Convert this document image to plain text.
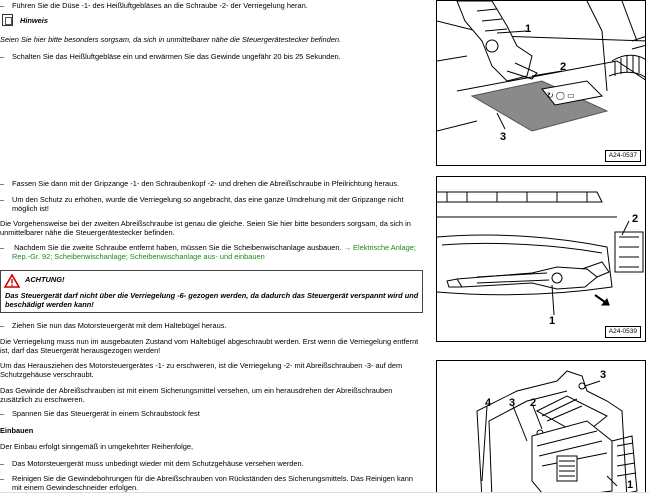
– Führen Sie die Düse -1- des Heißluftgebläses an die Schraube -2- der Verriegelung heran.
Hinweis
Seien Sie hier bitte besonders sorgsam, da sich in unmittelbarer nähe die Steuergerätestecker befinden.
– Schalten Sie das Heißluftgebläse ein und erwärmen Sie das Gewinde ungefähr 20 bis 25 Sekunden.
– Fassen Sie dann mit der Gripzange -1- den Schraubenkopf -2- und drehen die Abreißschraube in Pfeilrichtung heraus.
– Um den Schutz zu erhöhen, wurde die Verriegelung so angebracht, das eine ganze Umdrehung mit der Gripzange nicht möglich ist!
Die Vorgehensweise bei der zweiten Abreißschraube ist genau die gleiche. Seien Sie hier bitte besonders sorgsam, da sich in unmittelbarer nähe die Steuergerätestecker befinden.
– Nachdem Sie die zweite Schraube entfernt haben, müssen Sie die Scheibenwischanlage ausbauen. → Elektrische Anlage; Rep.-Gr. 92; Scheibenwischanlage; Scheibenwischanlage aus- und einbauen
ACHTUNG!
Das Steuergerät darf nicht über die Verriegelung -6- gezogen werden, da dadurch das Steuergerät verspannt wird und beschädigt werden kann!
– Ziehen Sie nun das Motorsteuergerät mit dem Haltebügel heraus.
Die Verriegelung muss nun im ausgebauten Zustand vom Haltebügel abgeschraubt werden. Erst wenn die Verriegelung entfernt ist, darf das Steuergerät herausgezogen werden!
Um das Herausziehen des Motorsteuergerätes -1- zu erschweren, ist die Verriegelung -2- mit Abreißschrauben -3- auf dem Schutzgehäuse verschraubt.
Das Gewinde der Abreißschrauben ist mit einem Sicherungsmittel versehen, um ein herausdrehen der Abreißschrauben zusätzlich zu erschweren.
– Spannen Sie das Steuergerät in einem Schraubstock fest
Einbauen
Der Einbau erfolgt sinngemäß in umgekehrter Reihenfolge,
– Das Motorsteuergerät muss unbedingt wieder mit dem Schutzgehäuse versehen werden.
– Reinigen Sie die Gewindebohrungen für die Abreißschrauben von Rückständen des Sicherungsmittels. Das Reinigen kann mit einem Gewindeschneider erfolgen.
↻ ◯ ▭
1
2
3
A24-0537
2
1
A24-0539
3
4 3 2
1
